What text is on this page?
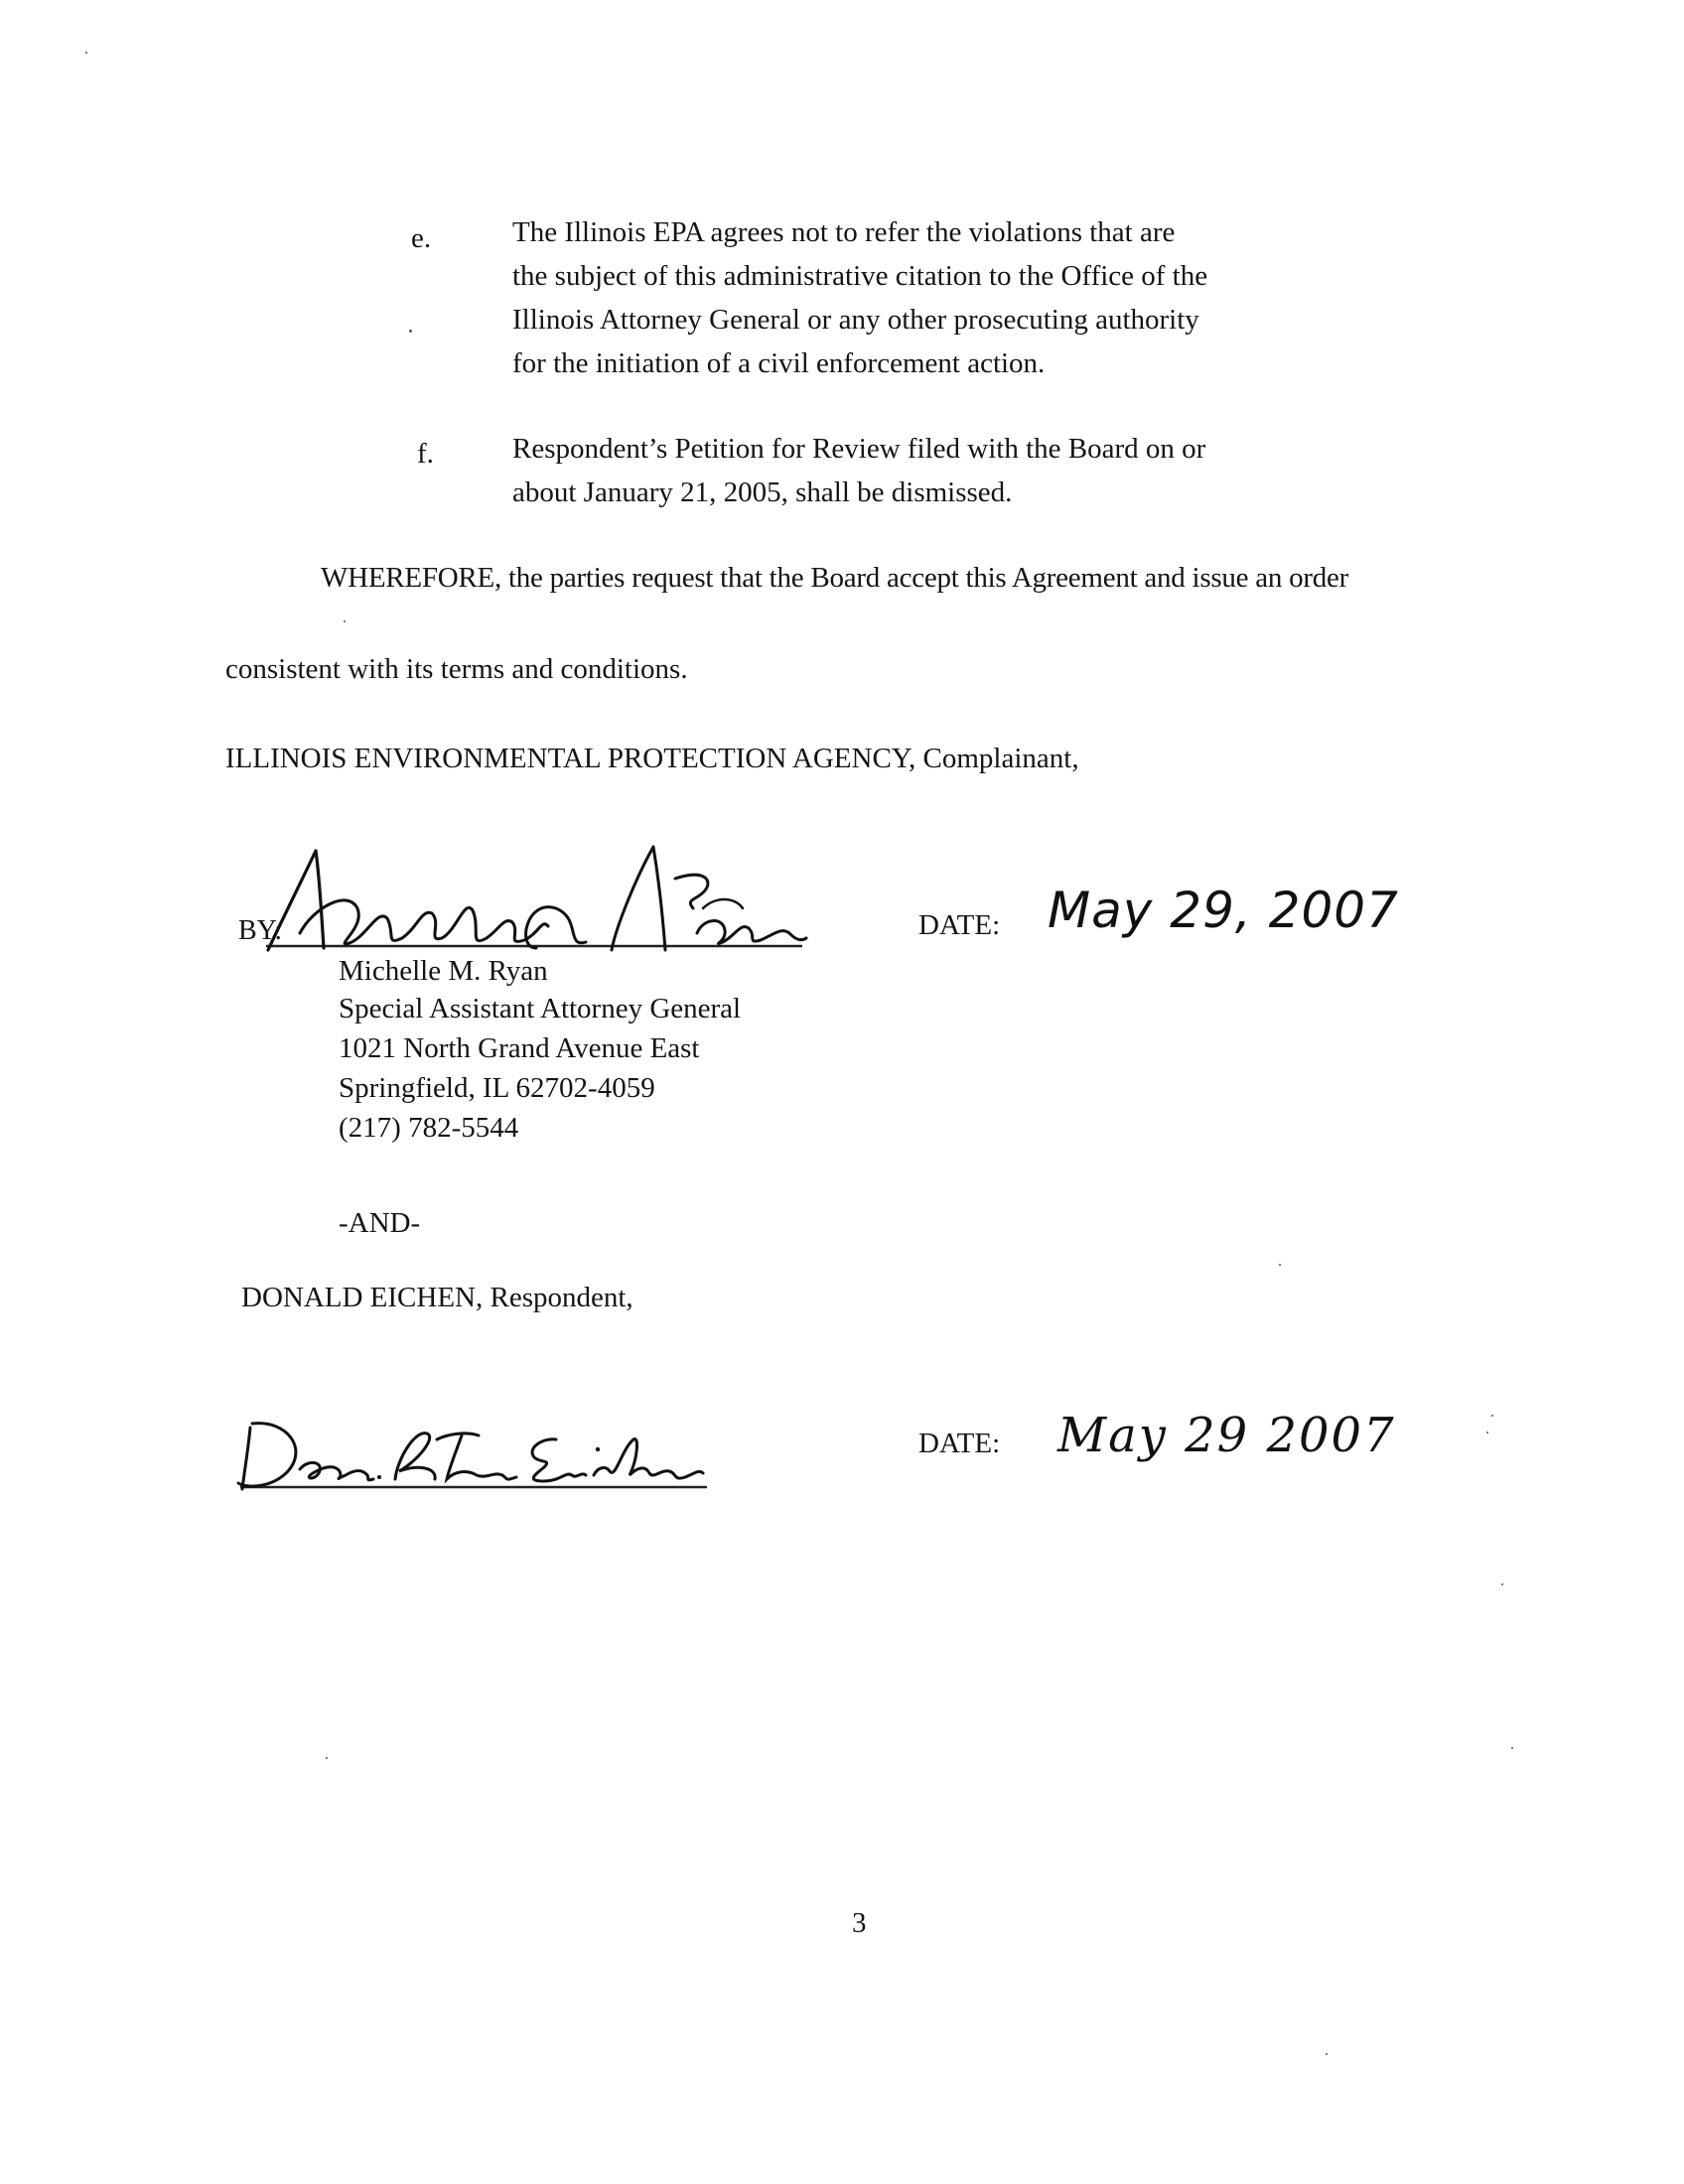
e.	The Illinois EPA agrees not to refer the violations that are
the subject of this administrative citation to the Office of the
Illinois Attorney General or any other prosecuting authority
for the initiation of a civil enforcement action.
f.	Respondent’s Petition for Review filed with the Board on or
about January 21, 2005, shall be dismissed.
WHEREFORE, the parties request that the Board accept this Agreement and issue an order
consistent with its terms and conditions.
ILLINOIS ENVIRONMENTAL PROTECTION AGENCY, Complainant,
BY:
Michelle M. Ryan
Special Assistant Attorney General
1021 North Grand Avenue East
Springfield, IL 62702-4059
(217) 782-5544
DATE: May 29, 2007
-AND-
DONALD EICHEN, Respondent,
DATE: May 29 2007
3
